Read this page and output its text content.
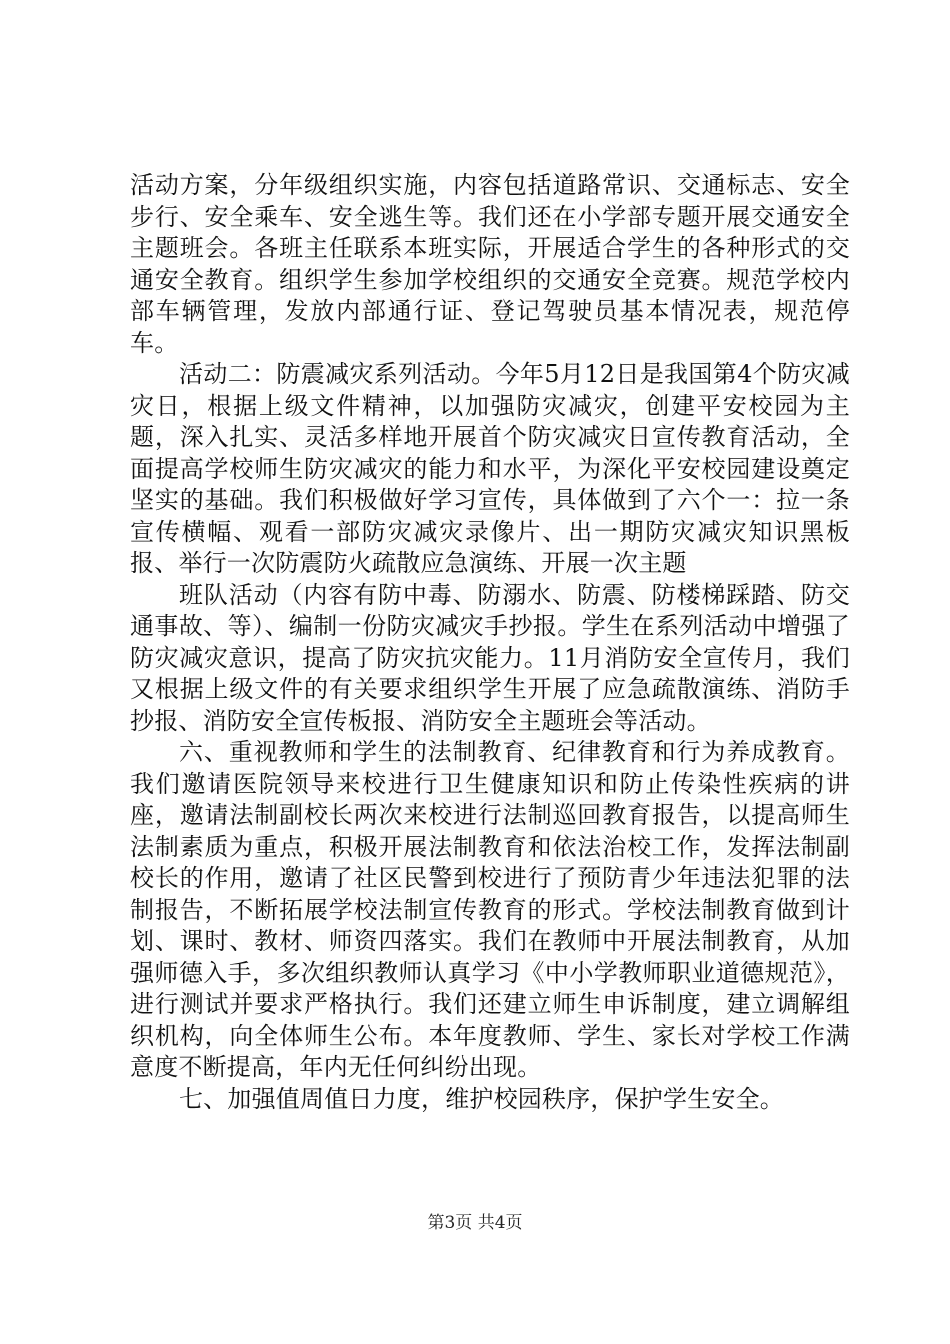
活动方案，分年级组织实施，内容包括道路常识、交通标志、安全步行、安全乘车、安全逃生等。我们还在小学部专题开展交通安全主题班会。各班主任联系本班实际，开展适合学生的各种形式的交通安全教育。组织学生参加学校组织的交通安全竞赛。规范学校内部车辆管理，发放内部通行证、登记驾驶员基本情况表，规范停车。

活动二：防震减灾系列活动。今年5月12日是我国第4个防灾减灾日，根据上级文件精神，以加强防灾减灾，创建平安校园为主题，深入扎实、灵活多样地开展首个防灾减灾日宣传教育活动，全面提高学校师生防灾减灾的能力和水平，为深化平安校园建设奠定坚实的基础。我们积极做好学习宣传，具体做到了六个一：拉一条宣传横幅、观看一部防灾减灾录像片、出一期防灾减灾知识黑板报、举行一次防震防火疏散应急演练、开展一次主题

班队活动（内容有防中毒、防溺水、防震、防楼梯踩踏、防交通事故、等）、编制一份防灾减灾手抄报。学生在系列活动中增强了防灾减灾意识，提高了防灾抗灾能力。11月消防安全宣传月，我们又根据上级文件的有关要求组织学生开展了应急疏散演练、消防手抄报、消防安全宣传板报、消防安全主题班会等活动。

六、重视教师和学生的法制教育、纪律教育和行为养成教育。我们邀请医院领导来校进行卫生健康知识和防止传染性疾病的讲座，邀请法制副校长两次来校进行法制巡回教育报告，以提高师生法制素质为重点，积极开展法制教育和依法治校工作，发挥法制副校长的作用，邀请了社区民警到校进行了预防青少年违法犯罪的法制报告，不断拓展学校法制宣传教育的形式。学校法制教育做到计划、课时、教材、师资四落实。我们在教师中开展法制教育，从加强师德入手，多次组织教师认真学习《中小学教师职业道德规范》，进行测试并要求严格执行。我们还建立师生申诉制度，建立调解组织机构，向全体师生公布。本年度教师、学生、家长对学校工作满意度不断提高，年内无任何纠纷出现。

七、加强值周值日力度，维护校园秩序，保护学生安全。

第3页 共4页
